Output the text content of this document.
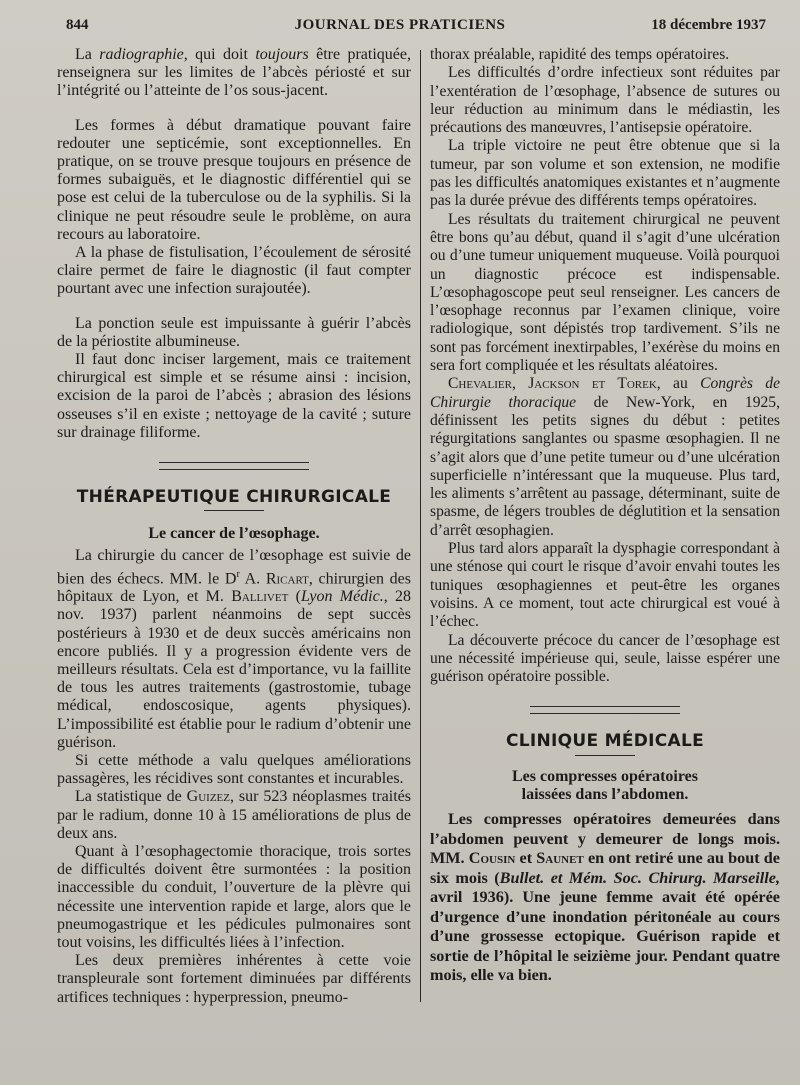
844	JOURNAL DES PRATICIENS	18 décembre 1937

La radiographie, qui doit toujours être pratiquée, renseignera sur les limites de l’abcès périosté et sur l’intégrité ou l’atteinte de l’os sous-jacent.

Les formes à début dramatique pouvant faire redouter une septicémie, sont exceptionnelles. En pratique, on se trouve presque toujours en présence de formes subaiguës, et le diagnostic différentiel qui se pose est celui de la tuberculose ou de la syphilis. Si la clinique ne peut résoudre seule le problème, on aura recours au laboratoire.

A la phase de fistulisation, l’écoulement de sérosité claire permet de faire le diagnostic (il faut compter pourtant avec une infection surajoutée).

La ponction seule est impuissante à guérir l’abcès de la périostite albumineuse.

Il faut donc inciser largement, mais ce traitement chirurgical est simple et se résume ainsi : incision, excision de la paroi de l’abcès ; abrasion des lésions osseuses s’il en existe ; nettoyage de la cavité ; suture sur drainage filiforme.

THÉRAPEUTIQUE CHIRURGICALE
Le cancer de l’œsophage.

La chirurgie du cancer de l’œsophage est suivie de bien des échecs. MM. le $D^r$ A. Ricart, chirurgien des hôpitaux de Lyon, et M. Ballivet (Lyon Médic., 28 nov. 1937) parlent néanmoins de sept succès postérieurs à 1930 et de deux succès américains non encore publiés. Il y a progression évidente vers de meilleurs résultats. Cela est d’importance, vu la faillite de tous les autres traitements (gastrostomie, tubage médical, endoscosique, agents physiques). L’impossibilité est établie pour le radium d’obtenir une guérison.

Si cette méthode a valu quelques améliorations passagères, les récidives sont constantes et incurables.

La statistique de Guizez, sur 523 néoplasmes traités par le radium, donne 10 à 15 améliorations de plus de deux ans.

Quant à l’œsophagectomie thoracique, trois sortes de difficultés doivent être surmontées : la position inaccessible du conduit, l’ouverture de la plèvre qui nécessite une intervention rapide et large, alors que le pneumogastrique et les pédicules pulmonaires sont tout voisins, les difficultés liées à l’infection.

Les deux premières inhérentes à cette voie transpleurale sont fortement diminuées par différents artifices techniques : hyperpression, pneumo-

thorax préalable, rapidité des temps opératoires.

Les difficultés d’ordre infectieux sont réduites par l’exentération de l’œsophage, l’absence de sutures ou leur réduction au minimum dans le médiastin, les précautions des manœuvres, l’antisepsie opératoire.

La triple victoire ne peut être obtenue que si la tumeur, par son volume et son extension, ne modifie pas les difficultés anatomiques existantes et n’augmente pas la durée prévue des différents temps opératoires.

Les résultats du traitement chirurgical ne peuvent être bons qu’au début, quand il s’agit d’une ulcération ou d’une tumeur uniquement muqueuse. Voilà pourquoi un diagnostic précoce est indispensable. L’œsophagoscope peut seul renseigner. Les cancers de l’œsophage reconnus par l’examen clinique, voire radiologique, sont dépistés trop tardivement. S’ils ne sont pas forcément inextirpables, l’exérèse du moins en sera fort compliquée et les résultats aléatoires.

Chevalier, Jackson et Torek, au Congrès de Chirurgie thoracique de New-York, en 1925, définissent les petits signes du début : petites régurgitations sanglantes ou spasme œsophagien. Il ne s’agit alors que d’une petite tumeur ou d’une ulcération superficielle n’intéressant que la muqueuse. Plus tard, les aliments s’arrêtent au passage, déterminant, suite de spasme, de légers troubles de déglutition et la sensation d’arrêt œsophagien.

Plus tard alors apparaît la dysphagie correspondant à une sténose qui court le risque d’avoir envahi toutes les tuniques œsophagiennes et peut-être les organes voisins. A ce moment, tout acte chirurgical est voué à l’échec.

La découverte précoce du cancer de l’œsophage est une nécessité impérieuse qui, seule, laisse espérer une guérison opératoire possible.

CLINIQUE MÉDICALE
Les compresses opératoires
laissées dans l’abdomen.

Les compresses opératoires demeurées dans l’abdomen peuvent y demeurer de longs mois. MM. Cousin et Saunet en ont retiré une au bout de six mois (Bullet. et Mém. Soc. Chirurg. Marseille, avril 1936). Une jeune femme avait été opérée d’urgence d’une inondation péritonéale au cours d’une grossesse ectopique. Guérison rapide et sortie de l’hôpital le seizième jour. Pendant quatre mois, elle va bien.
